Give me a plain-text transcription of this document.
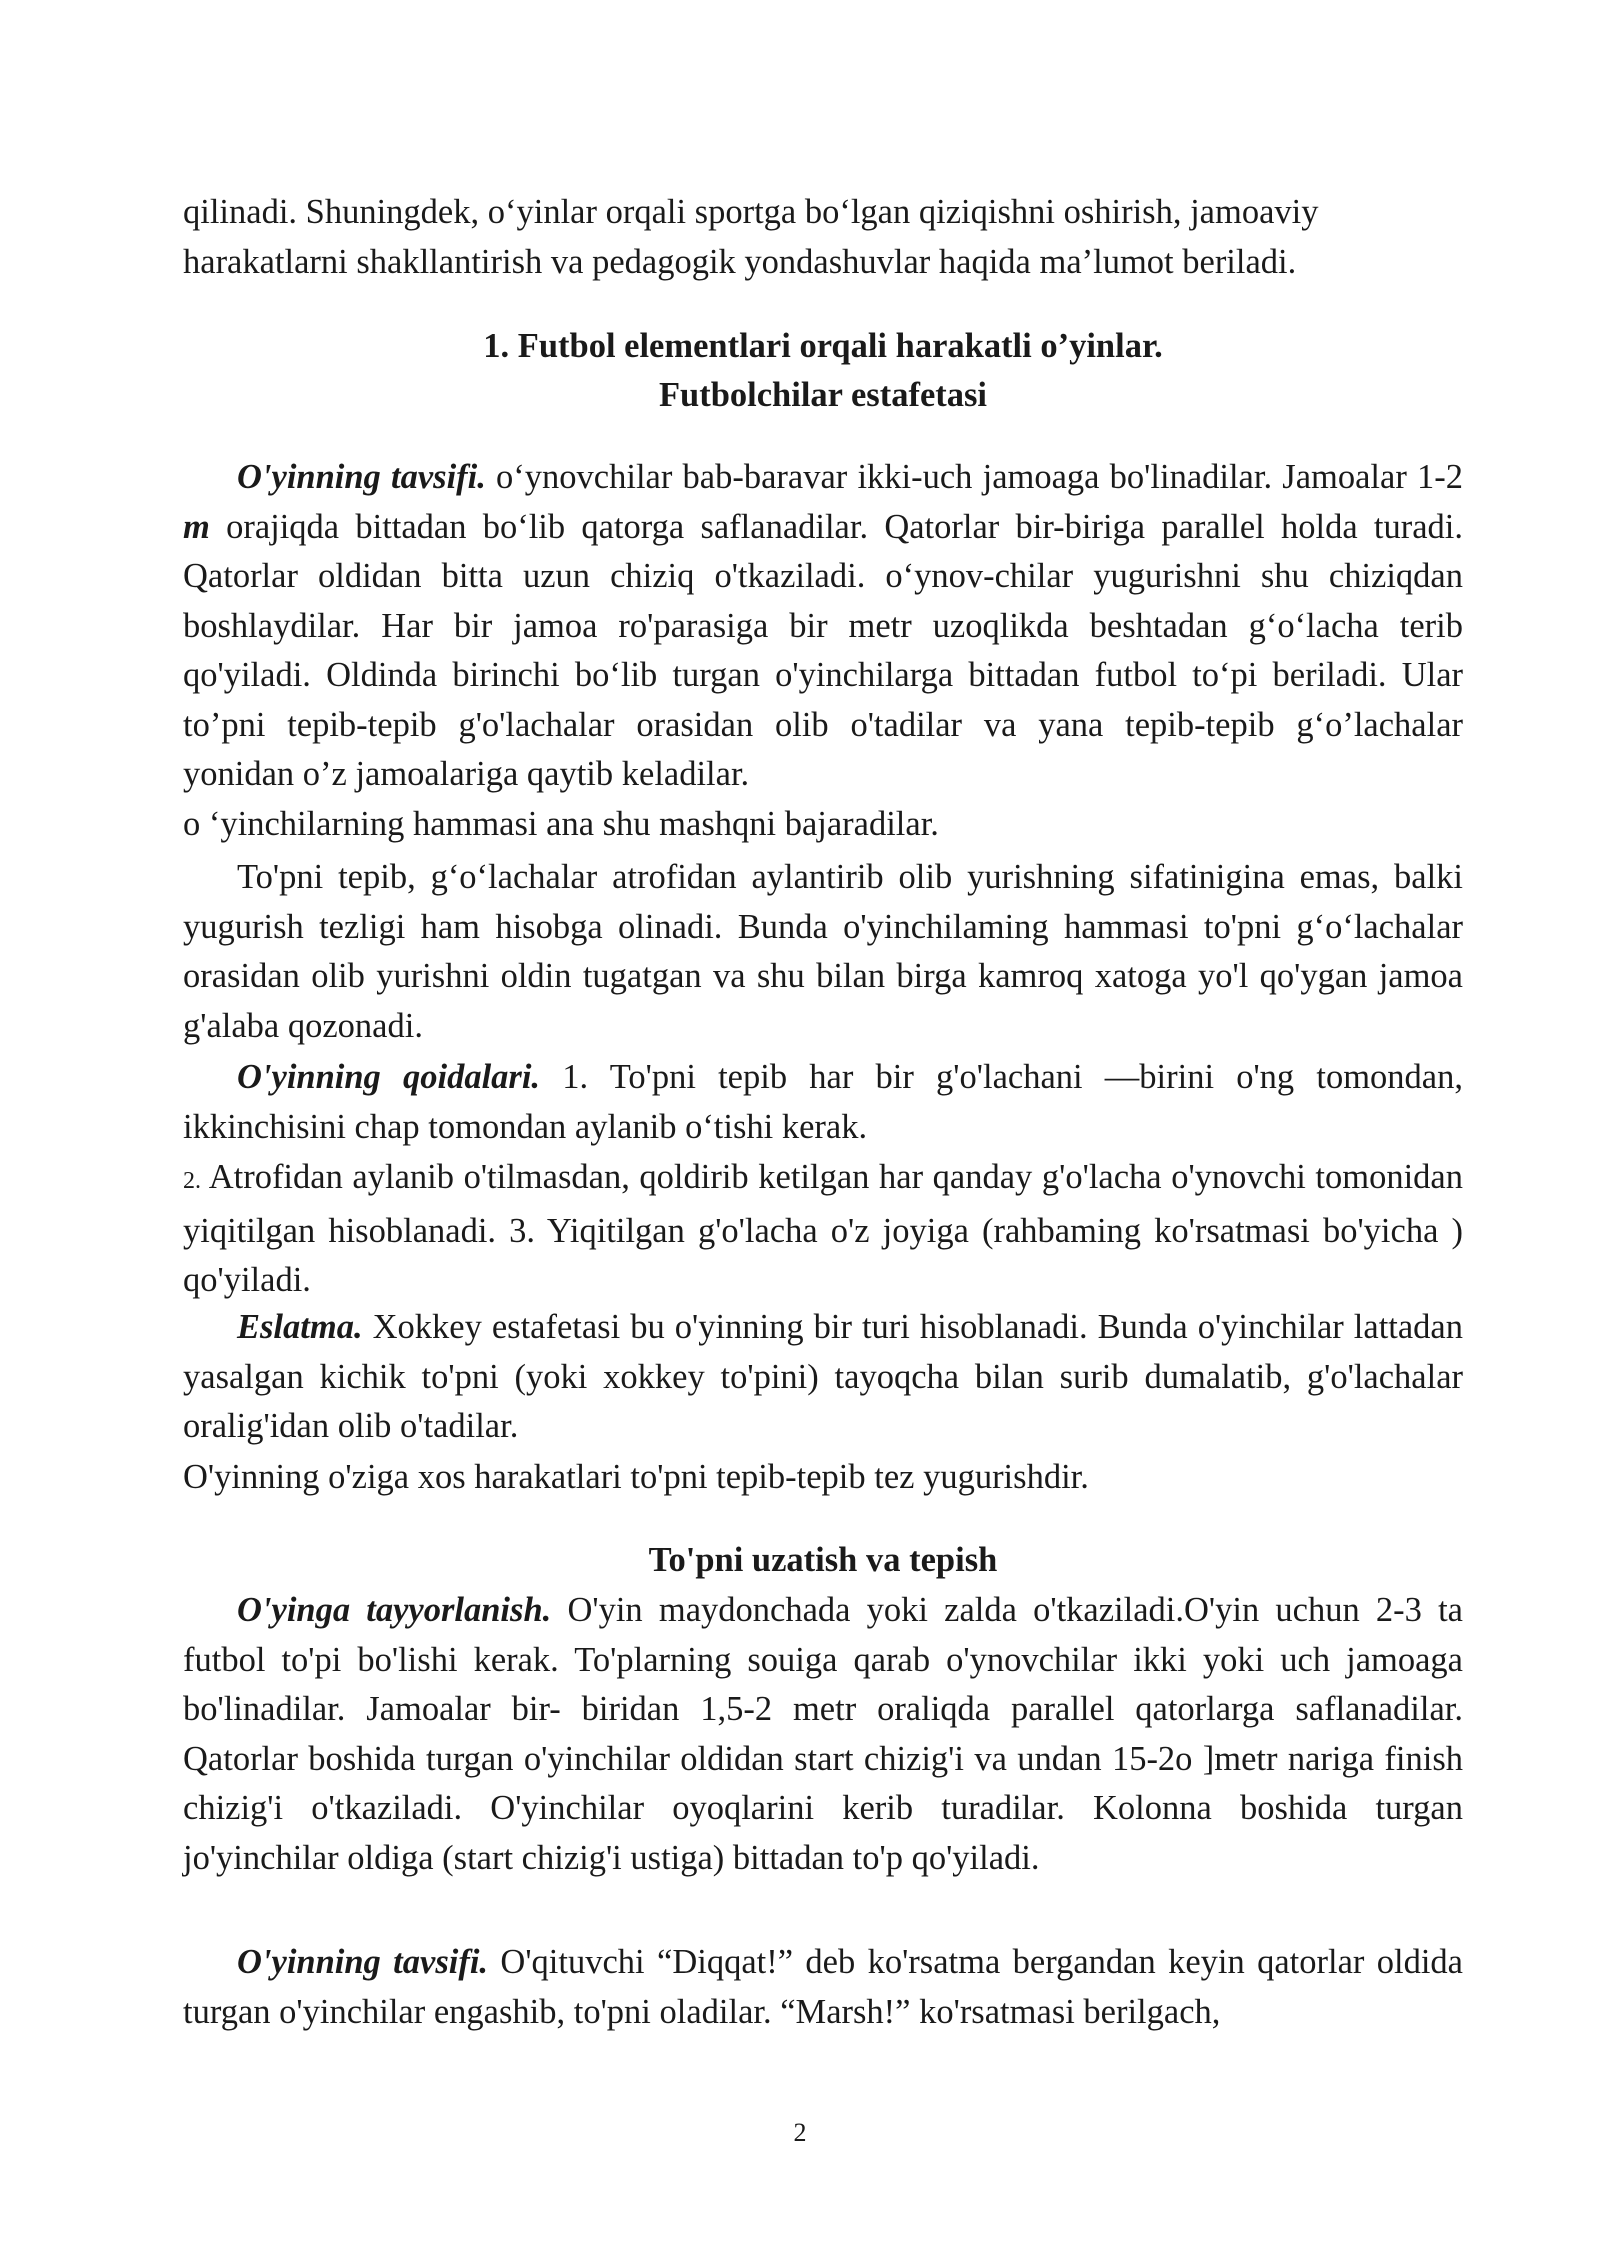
qilinadi. Shuningdek, o‘yinlar orqali sportga bo‘lgan qiziqishni oshirish, jamoaviy
harakatlarni shakllantirish va pedagogik yondashuvlar haqida ma’lumot beriladi.

1. Futbol elementlari orqali harakatli o’yinlar.

Futbolchilar estafetasi

O'yinning tavsifi. o‘ynovchilar bab-baravar ikki-uch jamoaga bo'linadilar. Jamoalar 1-2 m orajiqda bittadan bo‘lib qatorga saflanadilar. Qatorlar bir-biriga parallel holda turadi. Qatorlar oldidan bitta uzun chiziq o'tkaziladi. o‘ynov-chilar yugurishni shu chiziqdan boshlaydilar. Har bir jamoa ro'parasiga bir metr uzoqlikda beshtadan g‘o‘lacha terib qo'yiladi. Oldinda birinchi bo‘lib turgan o'yinchilarga bittadan futbol to‘pi beriladi. Ular to’pni tepib-tepib g'o'lachalar orasidan olib o'tadilar va yana tepib-tepib g‘o’lachalar yonidan o’z jamoalariga qaytib keladilar.
o ‘yinchilarning hammasi ana shu mashqni bajaradilar.

To'pni tepib, g‘o‘lachalar atrofidan aylantirib olib yurishning sifatinigina emas, balki yugurish tezligi ham hisobga olinadi. Bunda o'yinchilaming hammasi to'pni g‘o‘lachalar orasidan olib yurishni oldin tugatgan va shu bilan birga kamroq xatoga yo'l qo'ygan jamoa g'alaba qozonadi.

O'yinning qoidalari. 1. To'pni tepib har bir g'o'lachani —birini o'ng tomondan, ikkinchisini chap tomondan aylanib o‘tishi kerak.

2. Atrofidan aylanib o'tilmasdan, qoldirib ketilgan har qanday g'o'lacha o'ynovchi tomonidan yiqitilgan hisoblanadi. 3. Yiqitilgan g'o'lacha o'z joyiga (rahbaming ko'rsatmasi bo'yicha ) qo'yiladi.

Eslatma. Xokkey estafetasi bu o'yinning bir turi hisoblanadi. Bunda o'yinchilar lattadan yasalgan kichik to'pni (yoki xokkey to'pini) tayoqcha bilan surib dumalatib, g'o'lachalar oralig'idan olib o'tadilar.

O'yinning o'ziga xos harakatlari to'pni tepib-tepib tez yugurishdir.

To'pni uzatish va tepish

O'yinga tayyorlanish. O'yin maydonchada yoki zalda o'tkaziladi.O'yin uchun 2-3 ta futbol to'pi bo'lishi kerak. To'plarning souiga qarab o'ynovchilar ikki yoki uch jamoaga bo'linadilar. Jamoalar bir- biridan 1,5-2 metr oraliqda parallel qatorlarga saflanadilar. Qatorlar boshida turgan o'yinchilar oldidan start chizig'i va undan 15-2o ]metr nariga finish chizig'i o'tkaziladi. O'yinchilar oyoqlarini kerib turadilar. Kolonna boshida turgan jo'yinchilar oldiga (start chizig'i ustiga) bittadan to'p qo'yiladi.

O'yinning tavsifi. O'qituvchi “Diqqat!” deb ko'rsatma bergandan keyin qatorlar oldida turgan o'yinchilar engashib, to'pni oladilar. “Marsh!” ko'rsatmasi berilgach,

2
